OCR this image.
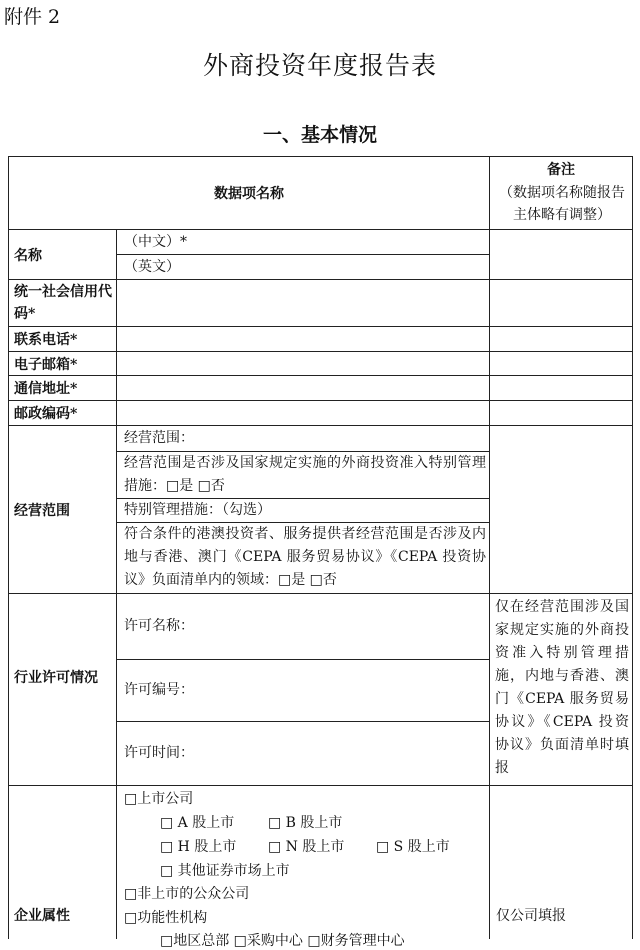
附件 2
外商投资年度报告表
一、基本情况
数据项名称
备注
（数据项名称随报告主体略有调整）
名称
（中文）*
（英文）
统一社会信用代码*
联系电话*
电子邮箱*
通信地址*
邮政编码*
经营范围
经营范围：
经营范围是否涉及国家规定实施的外商投资准入特别管理措施：□是 □否
特别管理措施：（勾选）
符合条件的港澳投资者、服务提供者经营范围是否涉及内地与香港、澳门《CEPA 服务贸易协议》《CEPA 投资协议》负面清单内的领域：□是 □否
行业许可情况
许可名称：
许可编号：
许可时间：
仅在经营范围涉及国家规定实施的外商投资准入特别管理措施，内地与香港、澳门《CEPA 服务贸易协议》《CEPA 投资协议》负面清单时填报
企业属性
□上市公司
□ A 股上市 □ B 股上市
□ H 股上市 □ N 股上市 □ S 股上市
□ 其他证券市场上市
□非上市的公众公司
□功能性机构
□地区总部 □采购中心 □财务管理中心
仅公司填报
